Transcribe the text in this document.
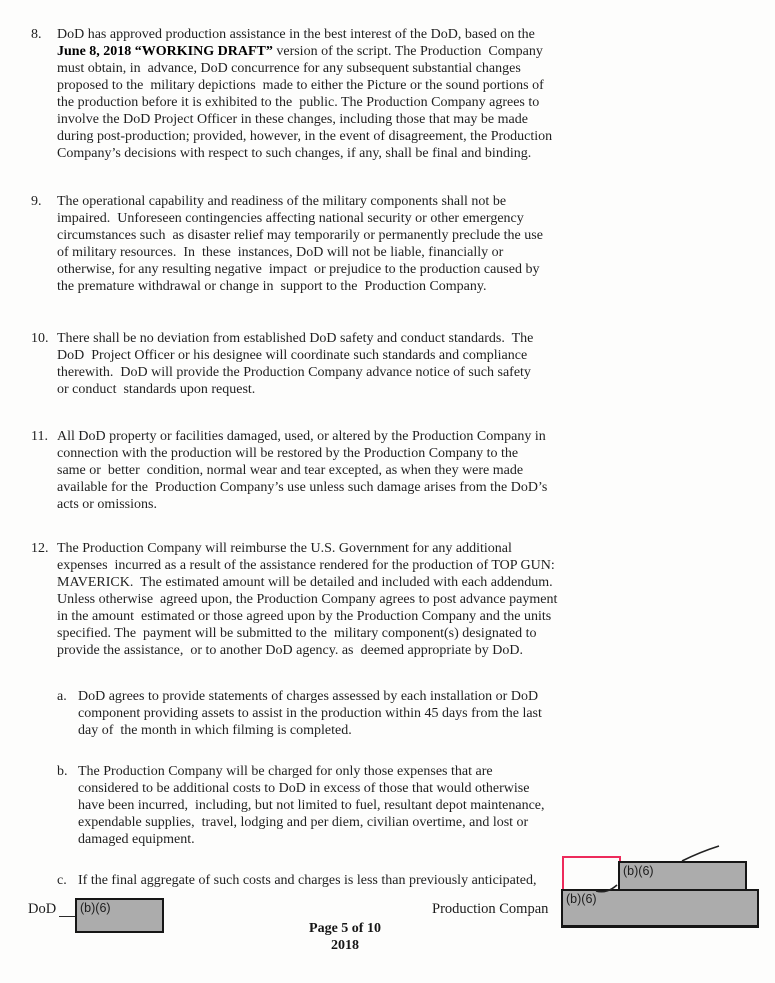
8.	DoD has approved production assistance in the best interest of the DoD, based on the
June 8, 2018 “WORKING DRAFT” version of the script. The Production  Company
must obtain, in  advance, DoD concurrence for any subsequent substantial changes
proposed to the  military depictions  made to either the Picture or the sound portions of
the production before it is exhibited to the  public. The Production Company agrees to
involve the DoD Project Officer in these changes, including those that may be made
during post-production; provided, however, in the event of disagreement, the Production
Company’s decisions with respect to such changes, if any, shall be final and binding.
9.	The operational capability and readiness of the military components shall not be
impaired.  Unforeseen contingencies affecting national security or other emergency
circumstances such  as disaster relief may temporarily or permanently preclude the use
of military resources.  In  these  instances, DoD will not be liable, financially or
otherwise, for any resulting negative  impact  or prejudice to the production caused by
the premature withdrawal or change in  support to the  Production Company.
10. There shall be no deviation from established DoD safety and conduct standards.  The
DoD  Project Officer or his designee will coordinate such standards and compliance
therewith.  DoD will provide the Production Company advance notice of such safety
or conduct  standards upon request.
11. All DoD property or facilities damaged, used, or altered by the Production Company in
connection with the production will be restored by the Production Company to the
same or  better  condition, normal wear and tear excepted, as when they were made
available for the  Production Company’s use unless such damage arises from the DoD’s
acts or omissions.
12. The Production Company will reimburse the U.S. Government for any additional
expenses  incurred as a result of the assistance rendered for the production of TOP GUN:
MAVERICK.  The estimated amount will be detailed and included with each addendum.
Unless otherwise  agreed upon, the Production Company agrees to post advance payment
in the amount  estimated or those agreed upon by the Production Company and the units
specified. The  payment will be submitted to the  military component(s) designated to
provide the assistance,  or to another DoD agency. as  deemed appropriate by DoD.
a. DoD agrees to provide statements of charges assessed by each installation or DoD
component providing assets to assist in the production within 45 days from the last
day of  the month in which filming is completed.
b. The Production Company will be charged for only those expenses that are
considered to be additional costs to DoD in excess of those that would otherwise
have been incurred,  including, but not limited to fuel, resultant depot maintenance,
expendable supplies,  travel, lodging and per diem, civilian overtime, and lost or
damaged equipment.
c. If the final aggregate of such costs and charges is less than previously anticipated,
DoD (b)(6)	Production Compan
(b)(6)
(b)(6)
Page 5 of 10
2018
